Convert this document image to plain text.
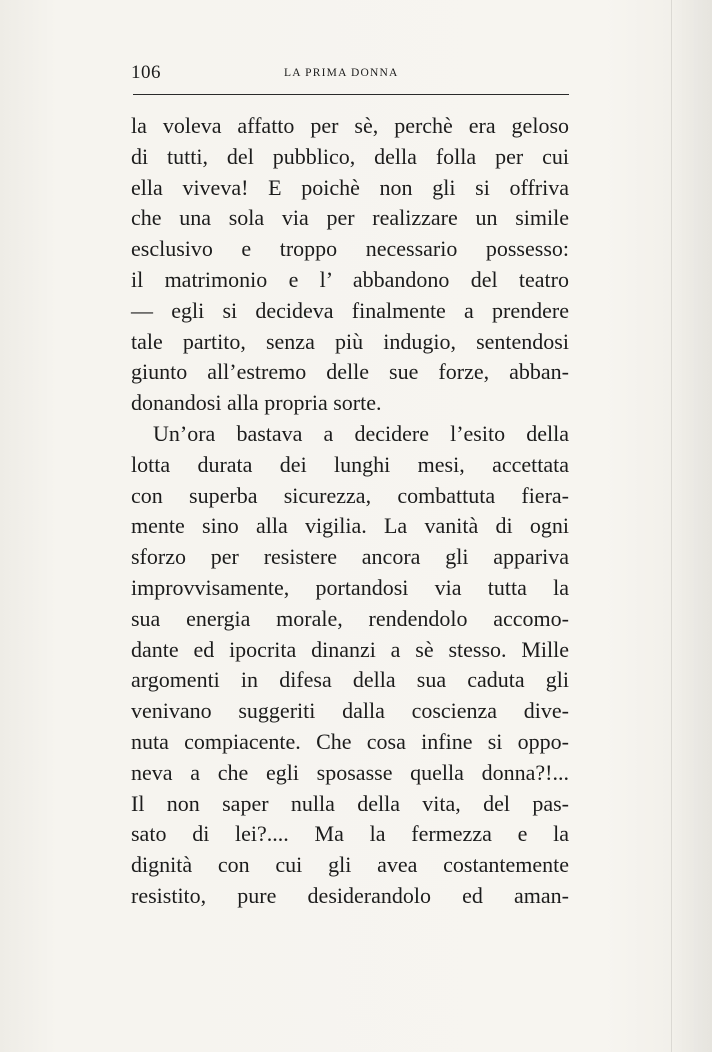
106	LA PRIMA DONNA
la voleva affatto per sè, perchè era geloso
di tutti, del pubblico, della folla per cui
ella viveva! E poichè non gli si offriva
che una sola via per realizzare un simile
esclusivo e troppo necessario possesso:
il matrimonio e l’ abbandono del teatro
— egli si decideva finalmente a prendere
tale partito, senza più indugio, sentendosi
giunto all’estremo delle sue forze, abban-
donandosi alla propria sorte.
Un’ora bastava a decidere l’esito della
lotta durata dei lunghi mesi, accettata
con superba sicurezza, combattuta fiera-
mente sino alla vigilia. La vanità di ogni
sforzo per resistere ancora gli appariva
improvvisamente, portandosi via tutta la
sua energia morale, rendendolo accomo-
dante ed ipocrita dinanzi a sè stesso. Mille
argomenti in difesa della sua caduta gli
venivano suggeriti dalla coscienza dive-
nuta compiacente. Che cosa infine si oppo-
neva a che egli sposasse quella donna?!...
Il non saper nulla della vita, del pas-
sato di lei?.... Ma la fermezza e la
dignità con cui gli avea costantemente
resistito, pure desiderandolo ed aman-
